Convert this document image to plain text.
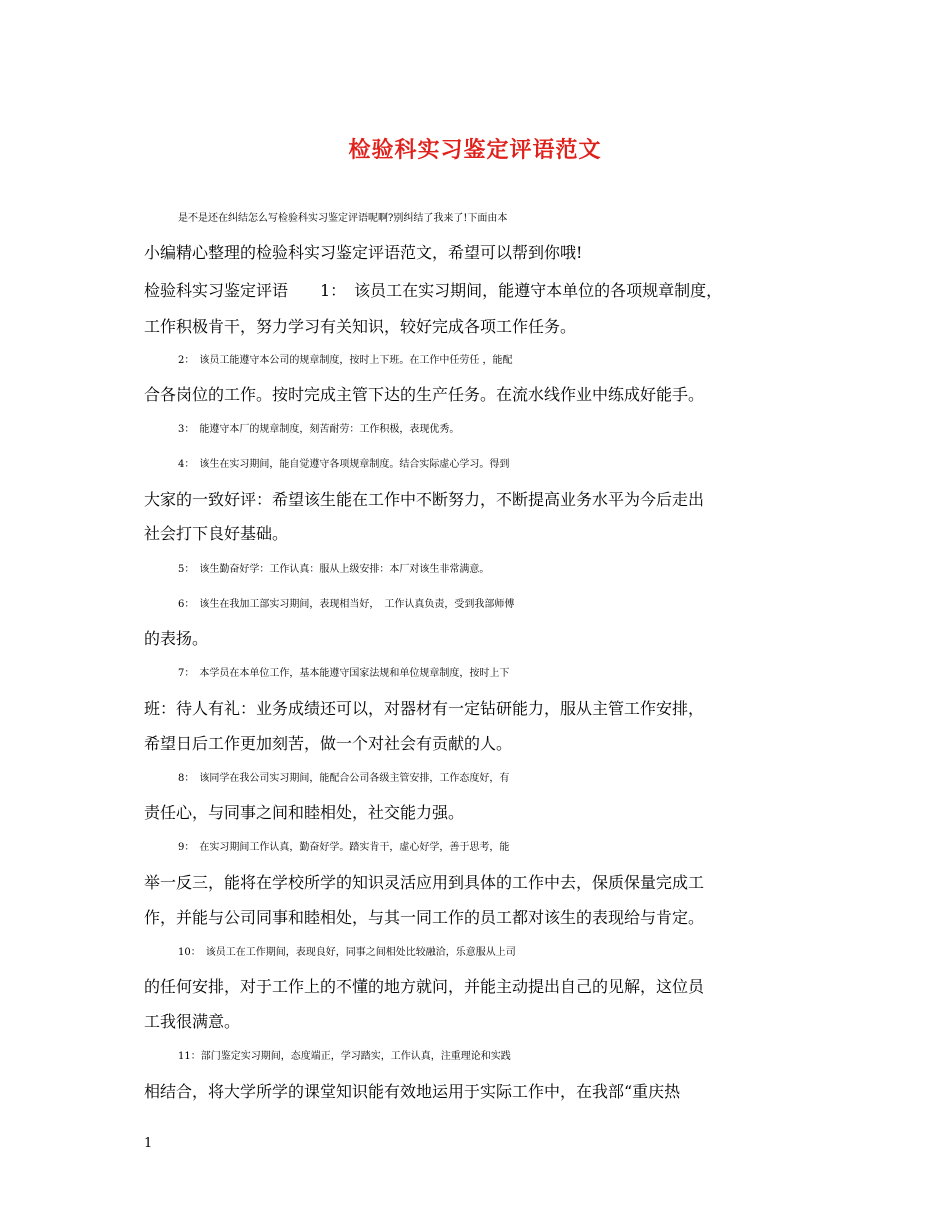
检验科实习鉴定评语范文
是不是还在纠结怎么写检验科实习鉴定评语呢啊?别纠结了我来了!下面由本
小编精心整理的检验科实习鉴定评语范文，希望可以帮到你哦!
检验科实习鉴定评语　　1：　该员工在实习期间，能遵守本单位的各项规章制度，
工作积极肯干，努力学习有关知识，较好完成各项工作任务。
2：　该员工能遵守本公司的规章制度，按时上下班。在工作中任劳任 ，能配
合各岗位的工作。按时完成主管下达的生产任务。在流水线作业中练成好能手。
3：　能遵守本厂的规章制度，刻苦耐劳：工作积极，表现优秀。
4：　该生在实习期间，能自觉遵守各项规章制度。结合实际虚心学习。得到
大家的一致好评：希望该生能在工作中不断努力，不断提高业务水平为今后走出
社会打下良好基础。
5：　该生勤奋好学：工作认真：服从上级安排：本厂对该生非常满意。
6：　该生在我加工部实习期间，表现相当好，　工作认真负责，受到我部师傅
的表扬。
7：　本学员在本单位工作，基本能遵守国家法规和单位规章制度，按时上下
班：待人有礼：业务成绩还可以，对器材有一定钻研能力，服从主管工作安排，
希望日后工作更加刻苦，做一个对社会有贡献的人。
8：　该同学在我公司实习期间，能配合公司各级主管安排，工作态度好，有
责任心，与同事之间和睦相处，社交能力强。
9：　在实习期间工作认真，勤奋好学。踏实肯干，虚心好学，善于思考，能
举一反三，能将在学校所学的知识灵活应用到具体的工作中去，保质保量完成工
作，并能与公司同事和睦相处，与其一同工作的员工都对该生的表现给与肯定。
10：　该员工在工作期间，表现良好，同事之间相处比较融洽，乐意服从上司
的任何安排，对于工作上的不懂的地方就问，并能主动提出自己的见解，这位员
工我很满意。
11：部门鉴定实习期间，态度端正，学习踏实，工作认真，注重理论和实践
相结合，将大学所学的课堂知识能有效地运用于实际工作中，在我部“重庆热
1
